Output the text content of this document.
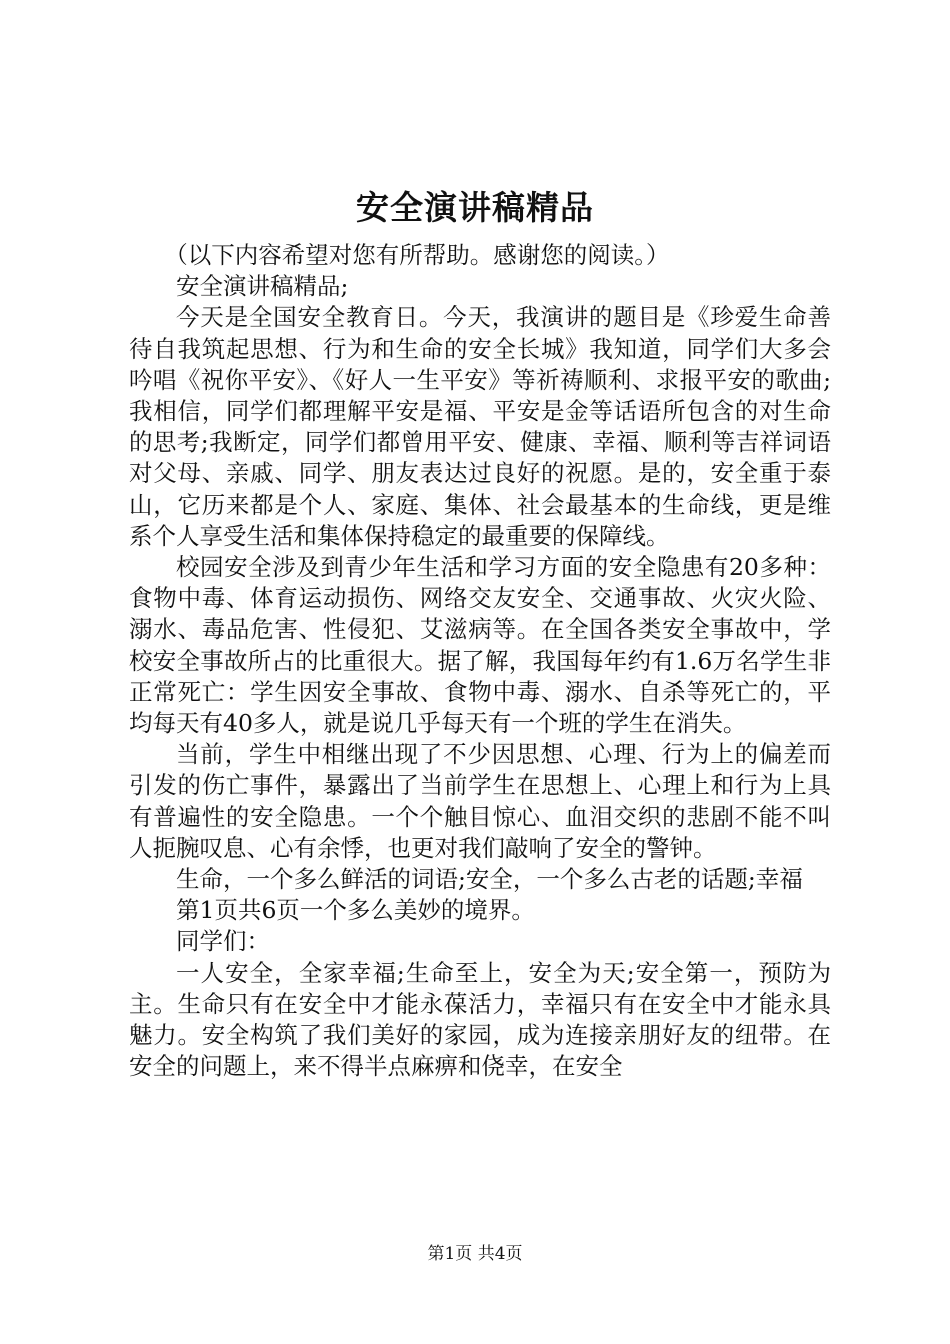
安全演讲稿精品

（以下内容希望对您有所帮助。感谢您的阅读。）

安全演讲稿精品;

今天是全国安全教育日。今天，我演讲的题目是《珍爱生命善待自我筑起思想、行为和生命的安全长城》我知道，同学们大多会吟唱《祝你平安》、《好人一生平安》等祈祷顺利、求报平安的歌曲;我相信，同学们都理解平安是福、平安是金等话语所包含的对生命的思考;我断定，同学们都曾用平安、健康、幸福、顺利等吉祥词语对父母、亲戚、同学、朋友表达过良好的祝愿。是的，安全重于泰山，它历来都是个人、家庭、集体、社会最基本的生命线，更是维系个人享受生活和集体保持稳定的最重要的保障线。

校园安全涉及到青少年生活和学习方面的安全隐患有20多种：食物中毒、体育运动损伤、网络交友安全、交通事故、火灾火险、溺水、毒品危害、性侵犯、艾滋病等。在全国各类安全事故中，学校安全事故所占的比重很大。据了解，我国每年约有1.6万名学生非正常死亡：学生因安全事故、食物中毒、溺水、自杀等死亡的，平均每天有40多人，就是说几乎每天有一个班的学生在消失。

当前，学生中相继出现了不少因思想、心理、行为上的偏差而引发的伤亡事件，暴露出了当前学生在思想上、心理上和行为上具有普遍性的安全隐患。一个个触目惊心、血泪交织的悲剧不能不叫人扼腕叹息、心有余悸，也更对我们敲响了安全的警钟。

生命，一个多么鲜活的词语;安全，一个多么古老的话题;幸福

第1页共6页一个多么美妙的境界。

同学们：

一人安全，全家幸福;生命至上，安全为天;安全第一，预防为主。生命只有在安全中才能永葆活力，幸福只有在安全中才能永具魅力。安全构筑了我们美好的家园，成为连接亲朋好友的纽带。在安全的问题上，来不得半点麻痹和侥幸，在安全

第1页 共4页
